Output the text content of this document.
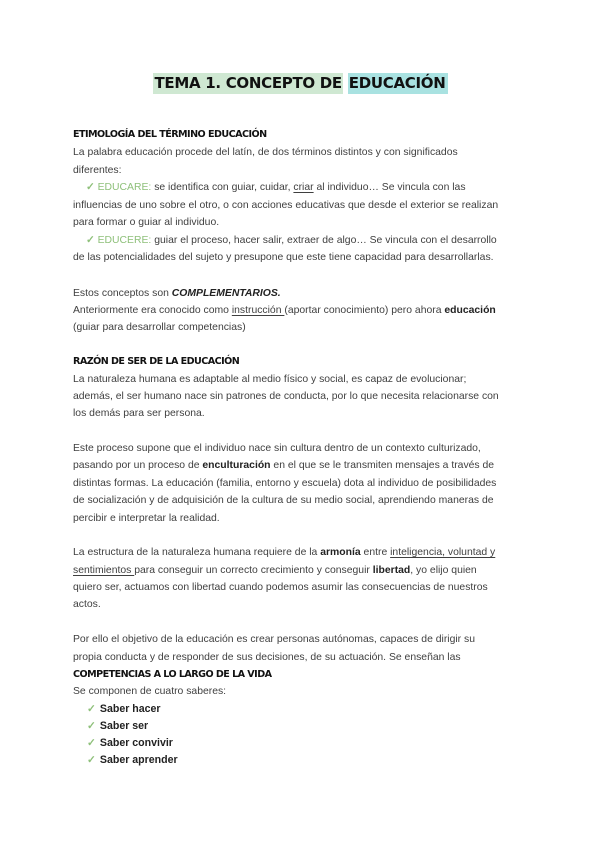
TEMA 1. CONCEPTO DE EDUCACIÓN
ETIMOLOGÍA DEL TÉRMINO EDUCACIÓN
La palabra educación procede del latín, de dos términos distintos y con significados
diferentes:
✓ EDUCARE: se identifica con guiar, cuidar, criar al individuo… Se vincula con las
influencias de uno sobre el otro, o con acciones educativas que desde el exterior se realizan
para formar o guiar al individuo.
✓ EDUCERE: guiar el proceso, hacer salir, extraer de algo… Se vincula con el desarrollo
de las potencialidades del sujeto y presupone que este tiene capacidad para desarrollarlas.
Estos conceptos son COMPLEMENTARIOS.
Anteriormente era conocido como instrucción (aportar conocimiento) pero ahora educación
(guiar para desarrollar competencias)
RAZÓN DE SER DE LA EDUCACIÓN
La naturaleza humana es adaptable al medio físico y social, es capaz de evolucionar;
además, el ser humano nace sin patrones de conducta, por lo que necesita relacionarse con
los demás para ser persona.
Este proceso supone que el individuo nace sin cultura dentro de un contexto culturizado,
pasando por un proceso de enculturación en el que se le transmiten mensajes a través de
distintas formas. La educación (familia, entorno y escuela) dota al individuo de posibilidades
de socialización y de adquisición de la cultura de su medio social, aprendiendo maneras de
percibir e interpretar la realidad.
La estructura de la naturaleza humana requiere de la armonía entre inteligencia, voluntad y
sentimientos para conseguir un correcto crecimiento y conseguir libertad, yo elijo quien
quiero ser, actuamos con libertad cuando podemos asumir las consecuencias de nuestros
actos.
Por ello el objetivo de la educación es crear personas autónomas, capaces de dirigir su
propia conducta y de responder de sus decisiones, de su actuación. Se enseñan las
COMPETENCIAS A LO LARGO DE LA VIDA
Se componen de cuatro saberes:
✓ Saber hacer
✓ Saber ser
✓ Saber convivir
✓ Saber aprender
